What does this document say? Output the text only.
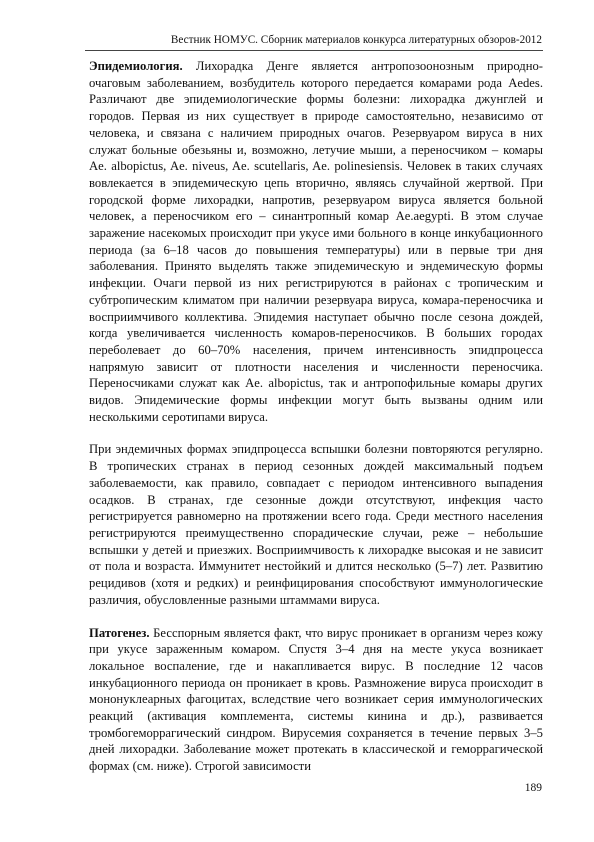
Вестник НОМУС. Сборник материалов конкурса литературных обзоров-2012

Эпидемиология. Лихорадка Денге является антропозоонозным природно-очаговым заболеванием, возбудитель которого передается комарами рода Aedes. Различают две эпидемиологические формы болезни: лихорадка джунглей и городов. Первая из них существует в природе самостоятельно, независимо от человека, и связана с наличием природных очагов. Резервуаром вируса в них служат больные обезьяны и, возможно, летучие мыши, а переносчиком – комары Ae. albopictus, Ae. niveus, Ae. scutellaris, Ae. polinesiensis. Человек в таких случаях вовлекается в эпидемическую цепь вторично, являясь случайной жертвой. При городской форме лихорадки, напротив, резервуаром вируса является больной человек, а переносчиком его – синантропный комар Ae.aegypti. В этом случае заражение насекомых происходит при укусе ими больного в конце инкубационного периода (за 6–18 часов до повышения температуры) или в первые три дня заболевания. Принято выделять также эпидемическую и эндемическую формы инфекции. Очаги первой из них регистрируются в районах с тропическим и субтропическим климатом при наличии резервуара вируса, комара-переносчика и восприимчивого коллектива. Эпидемия наступает обычно после сезона дождей, когда увеличивается численность комаров-переносчиков. В больших городах переболевает до 60–70% населения, причем интенсивность эпидпроцесса напрямую зависит от плотности населения и численности переносчика. Переносчиками служат как Ae. albopictus, так и антропофильные комары других видов. Эпидемические формы инфекции могут быть вызваны одним или несколькими серотипами вируса.

При эндемичных формах эпидпроцесса вспышки болезни повторяются регулярно. В тропических странах в период сезонных дождей максимальный подъем заболеваемости, как правило, совпадает с периодом интенсивного выпадения осадков. В странах, где сезонные дожди отсутствуют, инфекция часто регистрируется равномерно на протяжении всего года. Среди местного населения регистрируются преимущественно спорадические случаи, реже – небольшие вспышки у детей и приезжих. Восприимчивость к лихорадке высокая и не зависит от пола и возраста. Иммунитет нестойкий и длится несколько (5–7) лет. Развитию рецидивов (хотя и редких) и реинфицирования способствуют иммунологические различия, обусловленные разными штаммами вируса.

Патогенез. Бесспорным является факт, что вирус проникает в организм через кожу при укусе зараженным комаром. Спустя 3–4 дня на месте укуса возникает локальное воспаление, где и накапливается вирус. В последние 12 часов инкубационного периода он проникает в кровь. Размножение вируса происходит в мононуклеарных фагоцитах, вследствие чего возникает серия иммунологических реакций (активация комплемента, системы кинина и др.), развивается тромбогеморрагический синдром. Вирусемия сохраняется в течение первых 3–5 дней лихорадки. Заболевание может протекать в классической и геморрагической формах (см. ниже). Строгой зависимости

189
